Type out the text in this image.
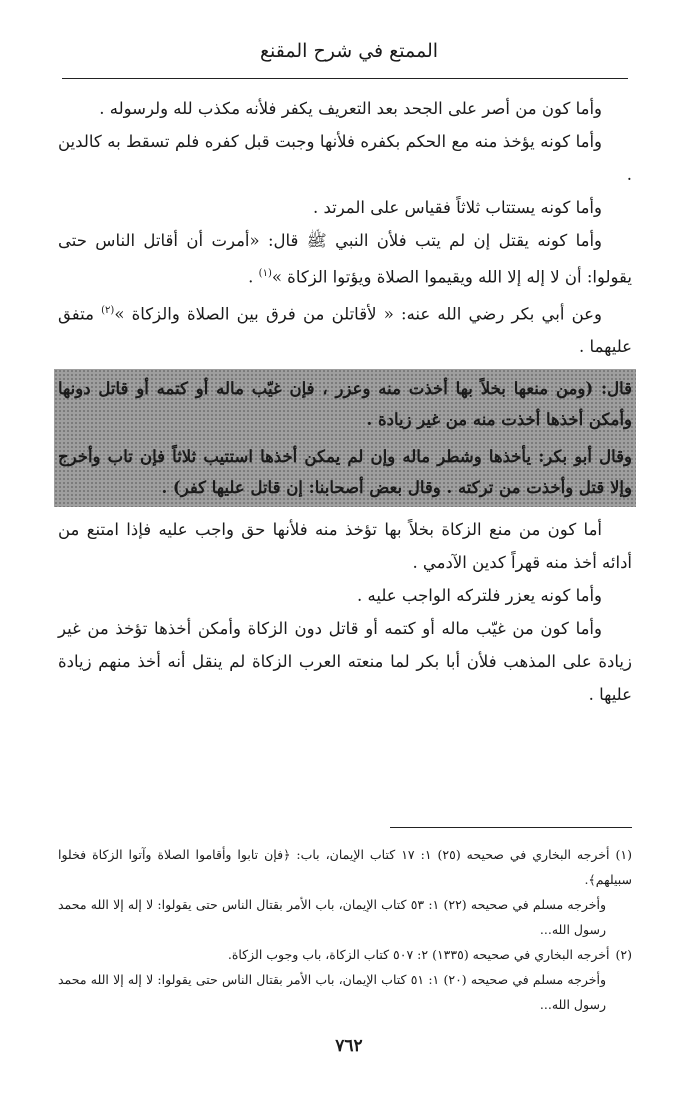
الممتع في شرح المقنع

وأما كون من أصر على الجحد بعد التعريف يكفر فلأنه مكذب لله ولرسوله .

وأما كونه يؤخذ منه مع الحكم بكفره فلأنها وجبت قبل كفره فلم تسقط به كالدين .

وأما كونه يستتاب ثلاثاً فقياس على المرتد .

وأما كونه يقتل إن لم يتب فلأن النبي ﷺ قال: «أمرت أن أقاتل الناس حتى يقولوا: أن لا إله إلا الله ويقيموا الصلاة ويؤتوا الزكاة »$^{(١)}$ .

وعن أبي بكر رضي الله عنه: « لأقاتلن من فرق بين الصلاة والزكاة »$^{(٢)}$ متفق عليهما .

قال: (ومن منعها بخلاً بها أخذت منه وعزر ، فإن غيّب ماله أو كتمه أو قاتل دونها وأمكن أخذها أخذت منه من غير زيادة .

وقال أبو بكر: يأخذها وشطر ماله وإن لم يمكن أخذها استتيب ثلاثاً فإن تاب وأخرج وإلا قتل وأخذت من تركته . وقال بعض أصحابنا: إن قاتل عليها كفر) .

أما كون من منع الزكاة بخلاً بها تؤخذ منه فلأنها حق واجب عليه فإذا امتنع من أدائه أخذ منه قهراً كدين الآدمي .

وأما كونه يعزر فلتركه الواجب عليه .

وأما كون من غيّب ماله أو كتمه أو قاتل دون الزكاة وأمكن أخذها تؤخذ من غير زيادة على المذهب فلأن أبا بكر لما منعته العرب الزكاة لم ينقل أنه أخذ منهم زيادة عليها .

(١)أخرجه البخاري في صحيحه (٢٥) ١: ١٧ كتاب الإيمان، باب: ﴿فإن تابوا وأقاموا الصلاة وآتوا الزكاة فخلوا سبيلهم﴾.

وأخرجه مسلم في صحيحه (٢٢) ١: ٥٣ كتاب الإيمان، باب الأمر بقتال الناس حتى يقولوا: لا إله إلا الله محمد رسول الله...

(٢)أخرجه البخاري في صحيحه (١٣٣٥) ٢: ٥٠٧ كتاب الزكاة، باب وجوب الزكاة.

وأخرجه مسلم في صحيحه (٢٠) ١: ٥١ كتاب الإيمان، باب الأمر بقتال الناس حتى يقولوا: لا إله إلا الله محمد رسول الله...

٧٦٢
